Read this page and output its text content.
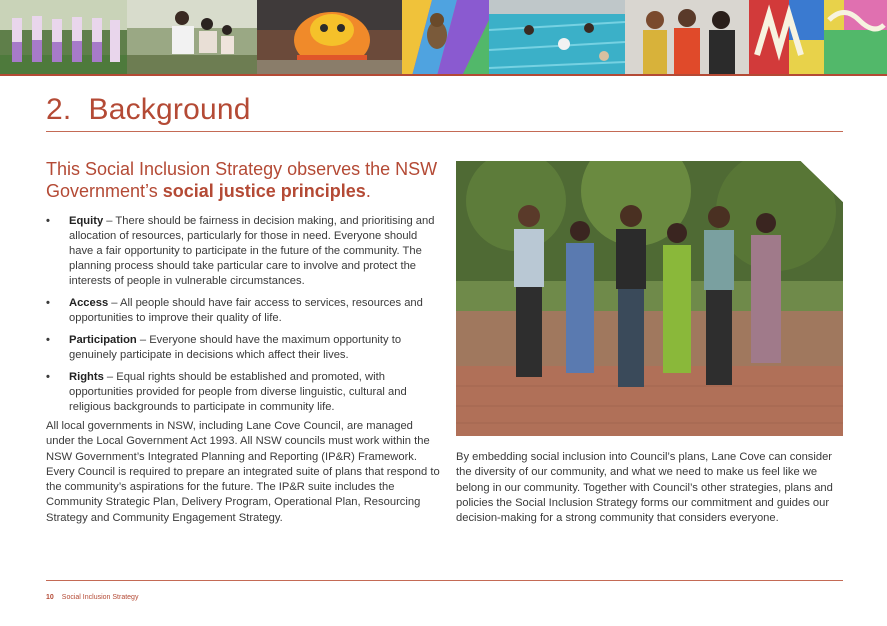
2. Background
This Social Inclusion Strategy observes the NSW Government’s social justice principles.
• Equity – There should be fairness in decision making, and prioritising and allocation of resources, particularly for those in need. Everyone should have a fair opportunity to participate in the future of the community. The planning process should take particular care to involve and protect the interests of people in vulnerable circumstances.
• Access – All people should have fair access to services, resources and opportunities to improve their quality of life.
• Participation – Everyone should have the maximum opportunity to genuinely participate in decisions which affect their lives.
• Rights – Equal rights should be established and promoted, with opportunities provided for people from diverse linguistic, cultural and religious backgrounds to participate in community life.

All local governments in NSW, including Lane Cove Council, are managed under the Local Government Act 1993. All NSW councils must work within the NSW Government’s Integrated Planning and Reporting (IP&R) Framework. Every Council is required to prepare an integrated suite of plans that respond to the community’s aspirations for the future. The IP&R suite includes the Community Strategic Plan, Delivery Program, Operational Plan, Resourcing Strategy and Community Engagement Strategy.

By embedding social inclusion into Council’s plans, Lane Cove can consider the diversity of our community, and what we need to make us feel like we belong in our community. Together with Council’s other strategies, plans and policies the Social Inclusion Strategy forms our commitment and guides our decision-making for a strong community that considers everyone.

10 Social Inclusion Strategy
